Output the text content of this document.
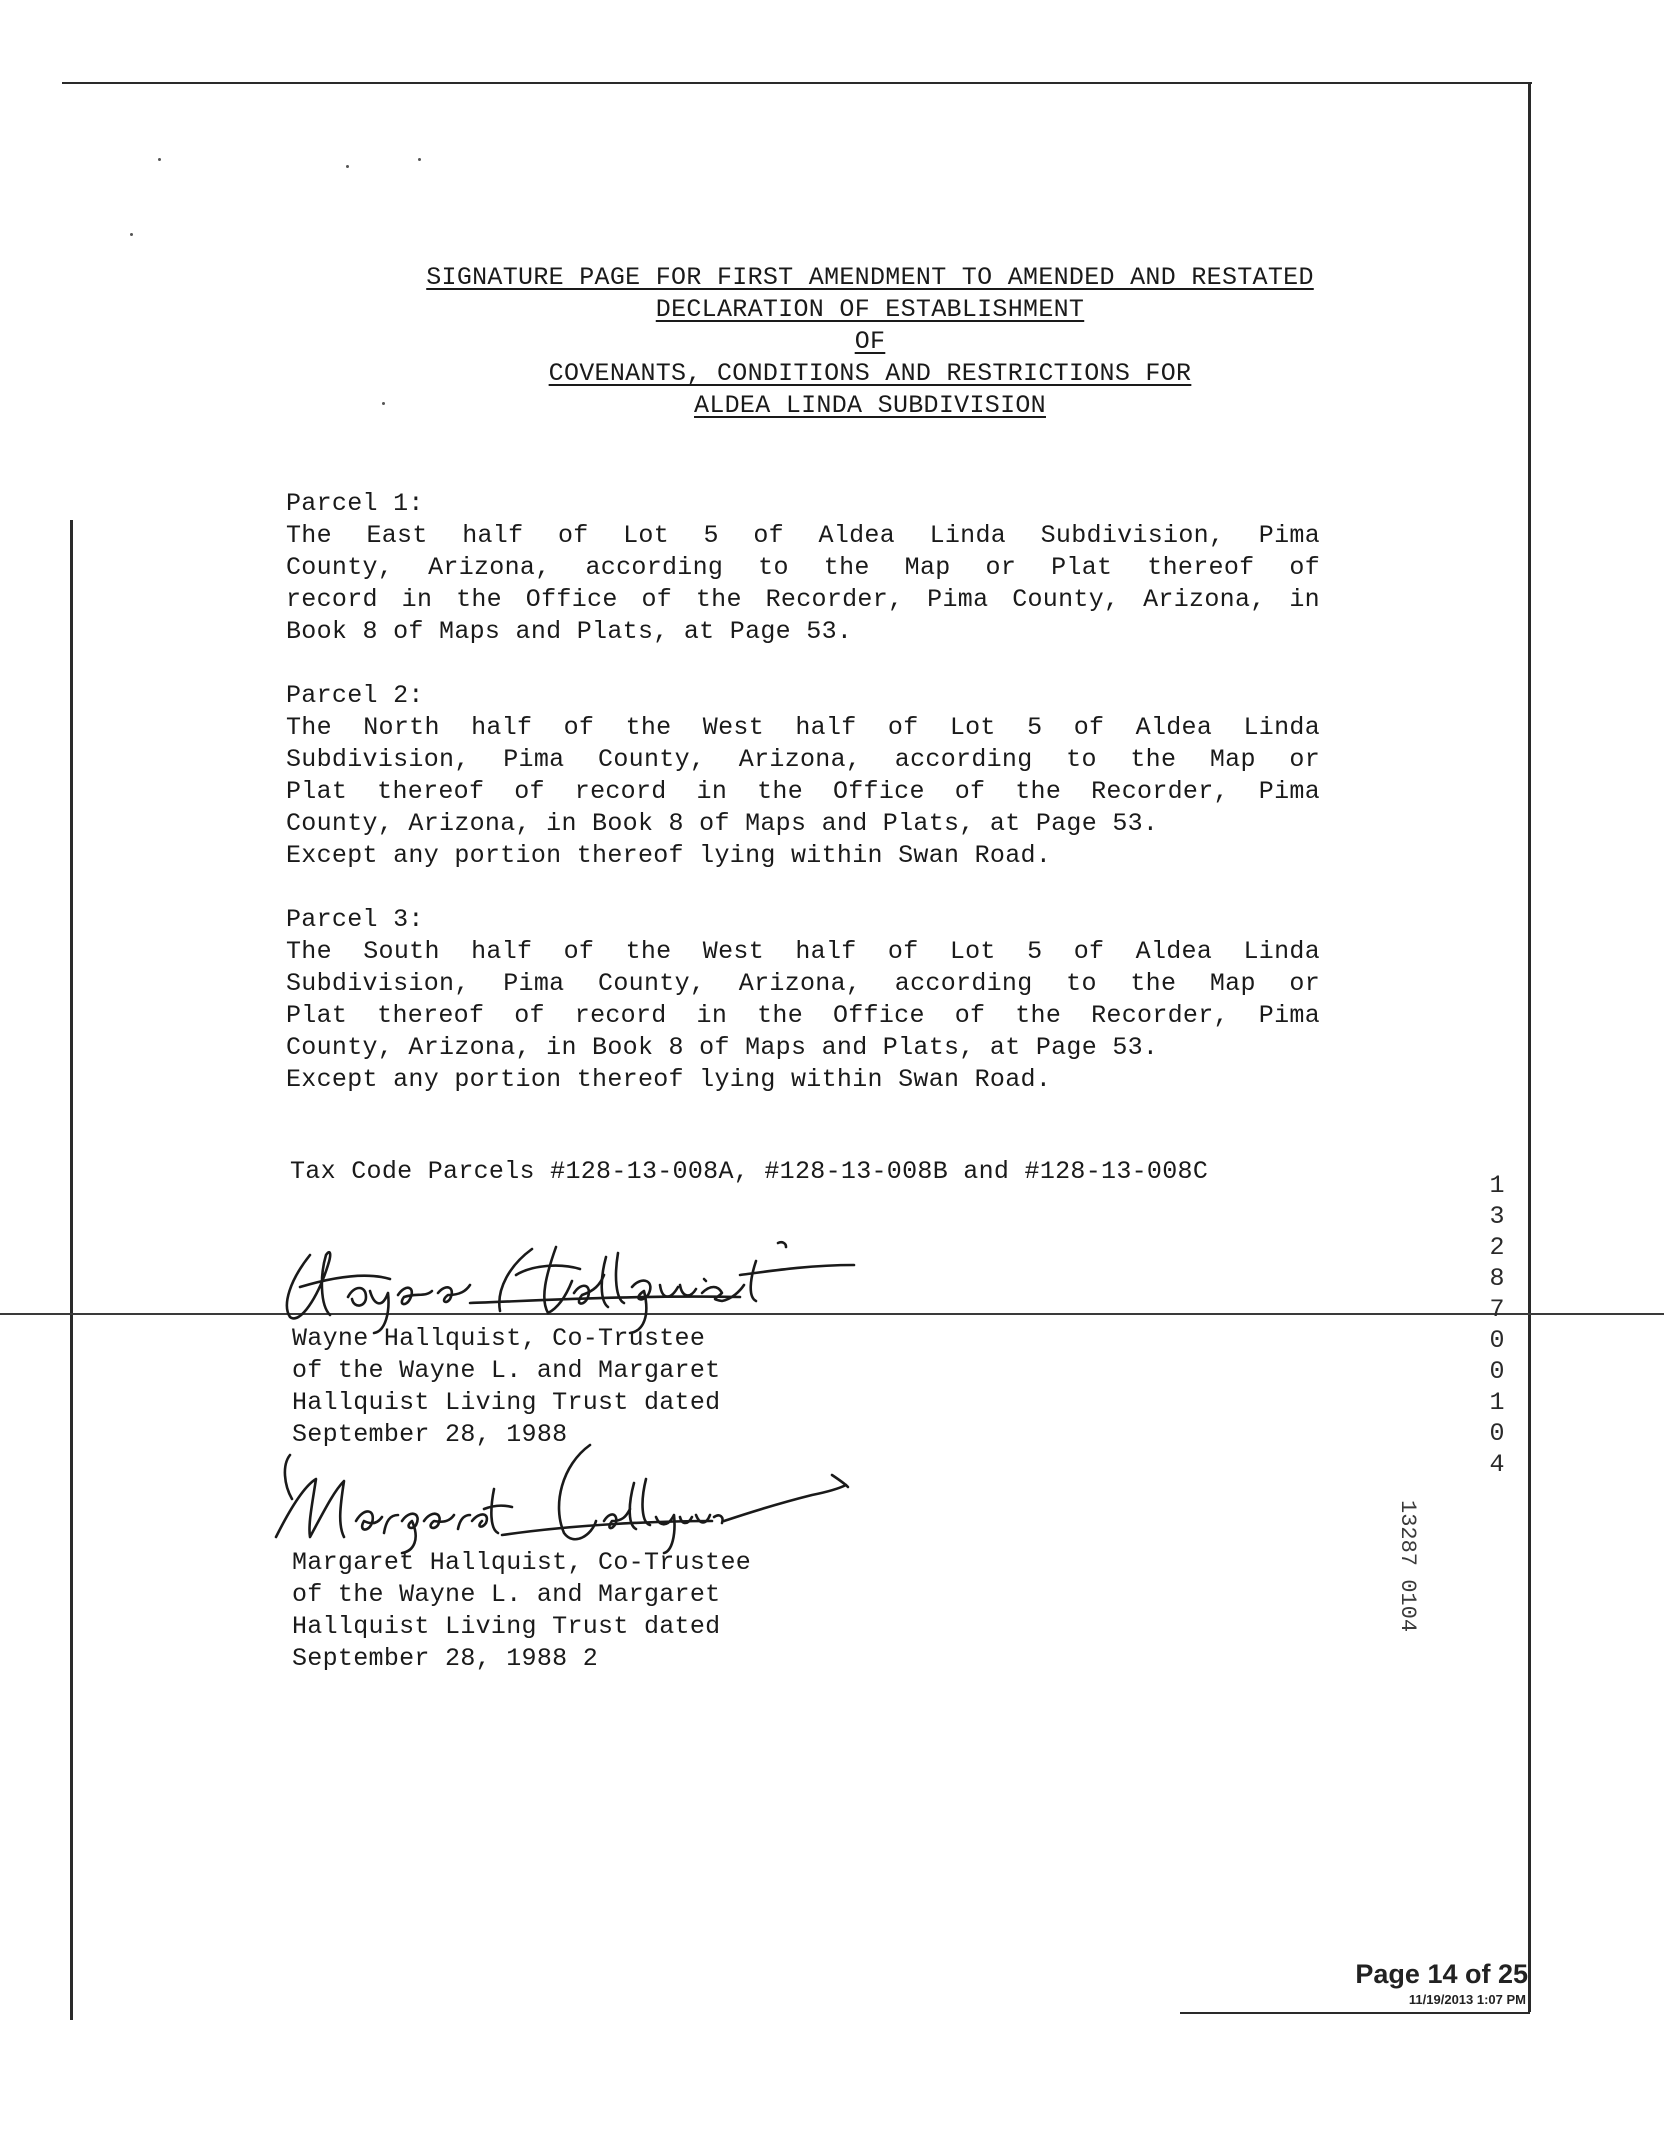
SIGNATURE PAGE FOR FIRST AMENDMENT TO AMENDED AND RESTATED
DECLARATION OF ESTABLISHMENT
OF
COVENANTS, CONDITIONS AND RESTRICTIONS FOR
ALDEA LINDA SUBDIVISION
Parcel 1:
The East half of Lot 5 of Aldea Linda Subdivision, Pima
County, Arizona, according to the Map or Plat thereof of
record in the Office of the Recorder, Pima County, Arizona, in
Book 8 of Maps and Plats, at Page 53.
Parcel 2:
The North half of the West half of Lot 5 of Aldea Linda
Subdivision, Pima County, Arizona, according to the Map or
Plat thereof of record in the Office of the Recorder, Pima
County, Arizona, in Book 8 of Maps and Plats, at Page 53.
Except any portion thereof lying within Swan Road.
Parcel 3:
The South half of the West half of Lot 5 of Aldea Linda
Subdivision, Pima County, Arizona, according to the Map or
Plat thereof of record in the Office of the Recorder, Pima
County, Arizona, in Book 8 of Maps and Plats, at Page 53.
Except any portion thereof lying within Swan Road.
Tax Code Parcels #128-13-008A, #128-13-008B and #128-13-008C
Wayne Hallquist, Co-Trustee
of the Wayne L. and Margaret
Hallquist Living Trust dated
September 28, 1988
Margaret Hallquist, Co-Trustee
of the Wayne L. and Margaret
Hallquist Living Trust dated
September 28, 1988 2
1
3
2
8
7
0
0
1
0
4
13287 0104
Page 14 of 25
11/19/2013 1:07 PM
